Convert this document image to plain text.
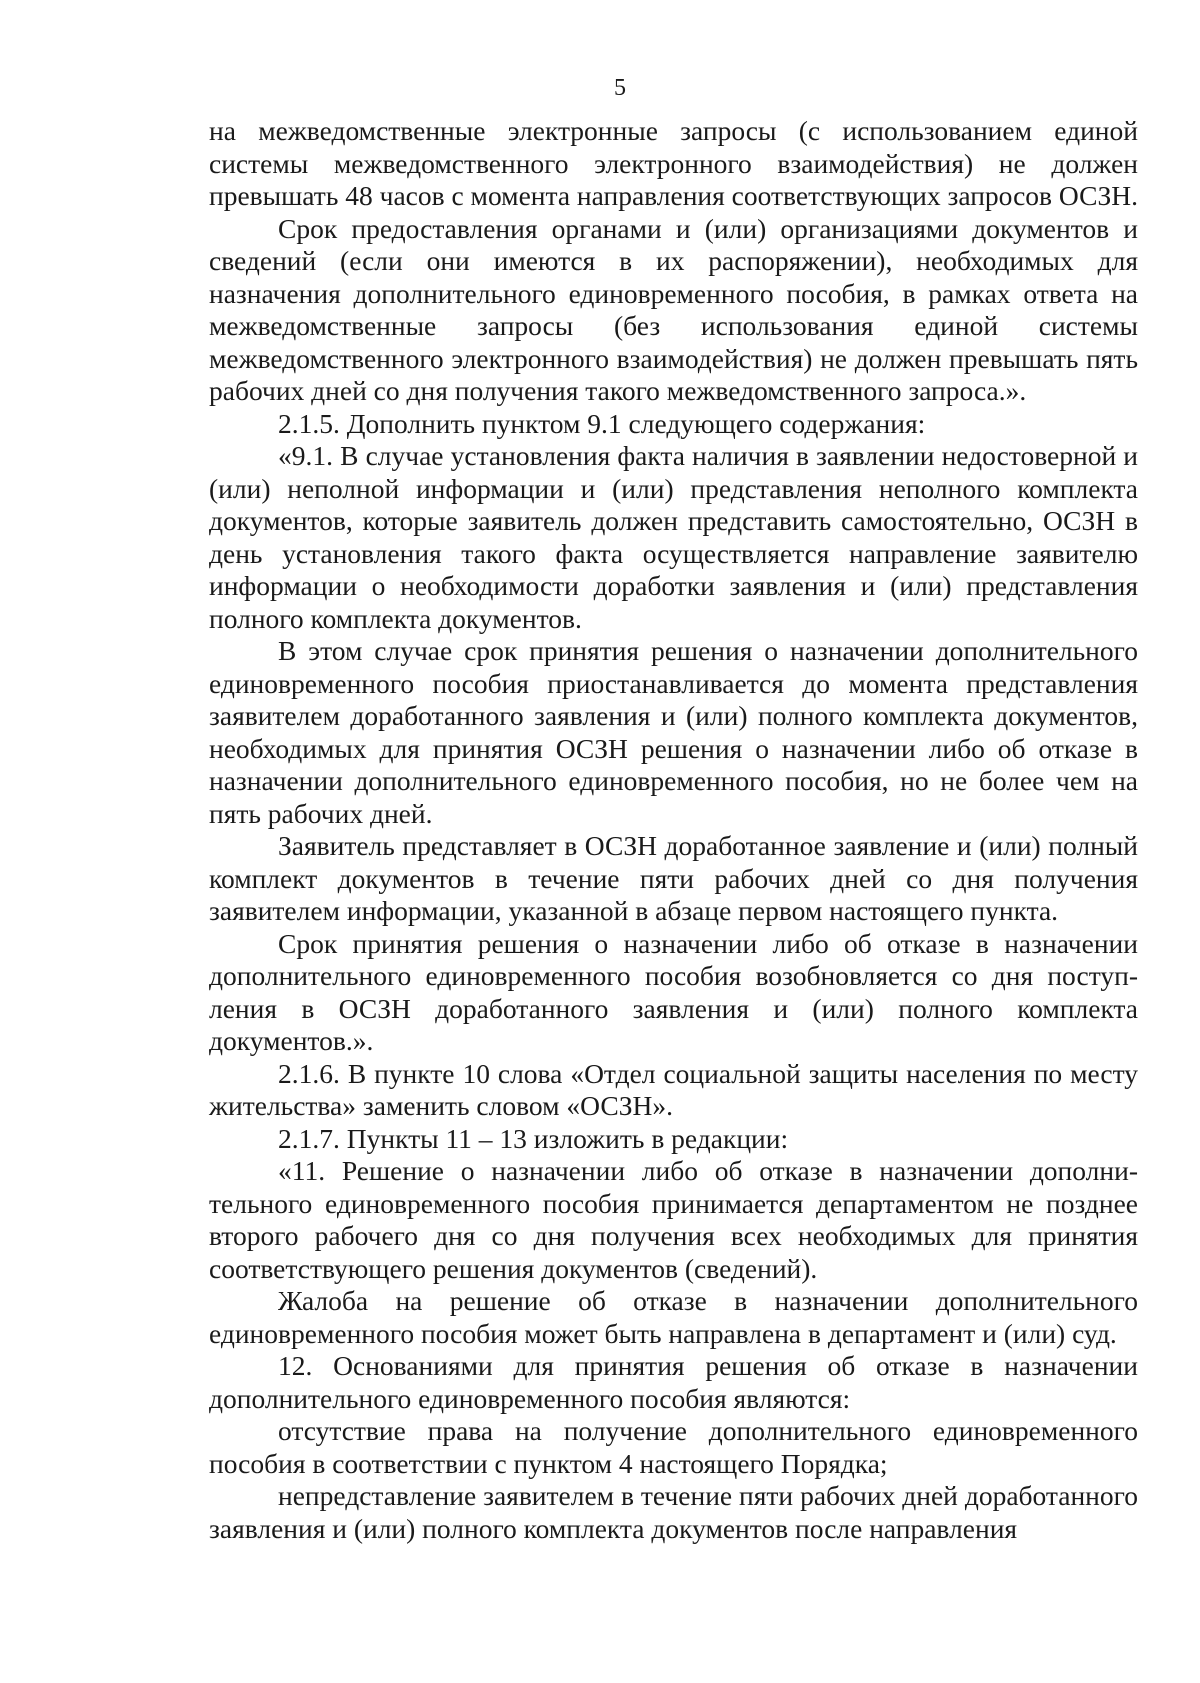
5

на межведомственные электронные запросы (с использованием единой системы межведомственного электронного взаимодействия) не должен превышать 48 часов с момента направления соответствующих запросов ОСЗН.

Срок предоставления органами и (или) организациями документов и сведений (если они имеются в их распоряжении), необходимых для назначения дополнительного единовременного пособия, в рамках ответа на межведомственные запросы (без использования единой системы межведомственного электронного взаимодействия) не должен превышать пять рабочих дней со дня получения такого межведомственного запроса.».

2.1.5. Дополнить пунктом 9.1 следующего содержания:

«9.1. В случае установления факта наличия в заявлении недостоверной и (или) неполной информации и (или) представления неполного комплекта документов, которые заявитель должен представить самостоятельно, ОСЗН в день установления такого факта осуществляется направление заявителю информации о необходимости доработки заявления и (или) представления полного комплекта документов.

В этом случае срок принятия решения о назначении дополнительного единовременного пособия приостанавливается до момента представления заявителем доработанного заявления и (или) полного комплекта документов, необходимых для принятия ОСЗН решения о назначении либо об отказе в назначении дополнительного единовременного пособия, но не более чем на пять рабочих дней.

Заявитель представляет в ОСЗН доработанное заявление и (или) полный комплект документов в течение пяти рабочих дней со дня получения заявителем информации, указанной в абзаце первом настоящего пункта.

Срок принятия решения о назначении либо об отказе в назначении дополнительного единовременного пособия возобновляется со дня поступления в ОСЗН доработанного заявления и (или) полного комплекта документов.».

2.1.6. В пункте 10 слова «Отдел социальной защиты населения по месту жительства» заменить словом «ОСЗН».

2.1.7. Пункты 11 – 13 изложить в редакции:

«11. Решение о назначении либо об отказе в назначении дополнительного единовременного пособия принимается департаментом не позднее второго рабочего дня со дня получения всех необходимых для принятия соответствующего решения документов (сведений).

Жалоба на решение об отказе в назначении дополнительного единовременного пособия может быть направлена в департамент и (или) суд.

12. Основаниями для принятия решения об отказе в назначении дополнительного единовременного пособия являются:

отсутствие права на получение дополнительного единовременного пособия в соответствии с пунктом 4 настоящего Порядка;

непредставление заявителем в течение пяти рабочих дней доработанного заявления и (или) полного комплекта документов после направления
